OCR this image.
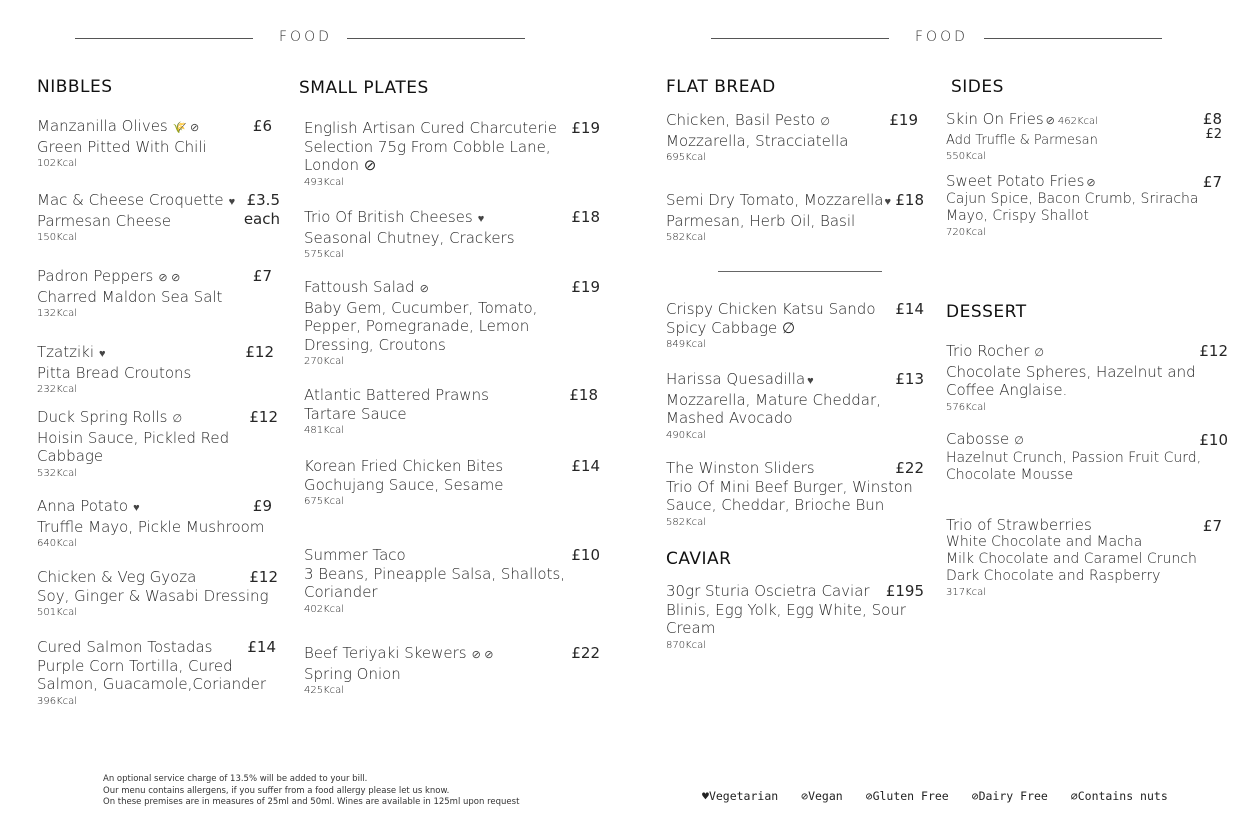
FOOD	FOOD
NIBBLES	SMALL PLATES	FLAT BREAD	SIDES
CAVIAR
DESSERT
Manzanilla Olives 🌾̸ ⊘
Green Pitted With Chili
102Kcal
£6
Mac & Cheese Croquette ♥
Parmesan Cheese
150Kcal
£3.5
each
Padron Peppers ⊘ ⊘
Charred Maldon Sea Salt
132Kcal
£7
Tzatziki ♥
Pitta Bread Croutons
232Kcal
£12
Duck Spring Rolls ∅
Hoisin Sauce, Pickled Red
Cabbage
532Kcal
£12
Anna Potato ♥
Truffle Mayo, Pickle Mushroom
640Kcal
£9
Chicken & Veg Gyoza
Soy, Ginger & Wasabi Dressing
501Kcal
£12
Cured Salmon Tostadas
Purple Corn Tortilla, Cured
Salmon, Guacamole,Coriander
396Kcal
£14
English Artisan Cured Charcuterie
Selection 75g From Cobble Lane,
London ⊘
493Kcal
£19
Trio Of British Cheeses ♥
Seasonal Chutney, Crackers
575Kcal
£18
Fattoush Salad ⊘
Baby Gem, Cucumber, Tomato,
Pepper, Pomegranade, Lemon
Dressing, Croutons
270Kcal
£19
Atlantic Battered Prawns
Tartare Sauce
481Kcal
£18
Korean Fried Chicken Bites
Gochujang Sauce, Sesame
675Kcal
£14
Summer Taco
3 Beans, Pineapple Salsa, Shallots,
Coriander
402Kcal
£10
Beef Teriyaki Skewers ⊘ ⊘
Spring Onion
425Kcal
£22
Chicken, Basil Pesto ∅
Mozzarella, Stracciatella
695Kcal
£19
Semi Dry Tomato, Mozzarella♥
Parmesan, Herb Oil, Basil
582Kcal
£18
Crispy Chicken Katsu Sando
Spicy Cabbage ∅
849Kcal
£14
Harissa Quesadilla ♥
Mozzarella, Mature Cheddar,
Mashed Avocado
490Kcal
£13
The Winston Sliders
Trio Of Mini Beef Burger, Winston
Sauce, Cheddar, Brioche Bun
582Kcal
£22
30gr Sturia Oscietra Caviar
Blinis, Egg Yolk, Egg White, Sour
Cream
870Kcal
£195
Skin On Fries ⊘ 462Kcal
Add Truffle & Parmesan
550Kcal
£8
£2
Sweet Potato Fries ⊘
Cajun Spice, Bacon Crumb, Sriracha
Mayo, Crispy Shallot
720Kcal
£7
Trio Rocher ∅
Chocolate Spheres, Hazelnut and
Coffee Anglaise.
576Kcal
£12
Cabosse ∅
Hazelnut Crunch, Passion Fruit Curd,
Chocolate Mousse
£10
Trio of Strawberries
White Chocolate and Macha
Milk Chocolate and Caramel Crunch
Dark Chocolate and Raspberry
317Kcal
£7
An optional service charge of 13.5% will be added to your bill.
Our menu contains allergens, if you suffer from a food allergy please let us know.
On these premises are in measures of 25ml and 50ml. Wines are available in 125ml upon request	♥Vegetarian ⊘Vegan ⊘Gluten Free ⊘Dairy Free ∅Contains nuts
